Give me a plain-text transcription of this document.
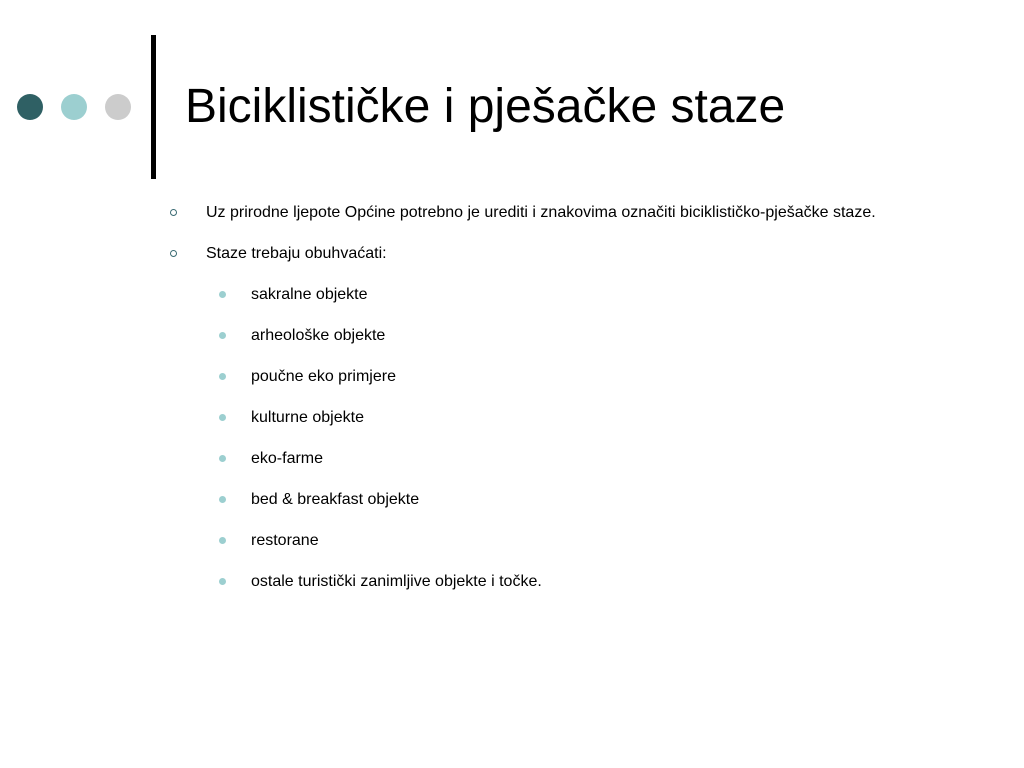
Biciklističke i pješačke staze
Uz prirodne ljepote Općine potrebno je urediti i znakovima označiti biciklističko-pješačke staze.
Staze trebaju obuhvaćati:
sakralne objekte
arheološke objekte
poučne eko primjere
kulturne objekte
eko-farme
bed & breakfast objekte
restorane
ostale turistički zanimljive objekte i točke.
